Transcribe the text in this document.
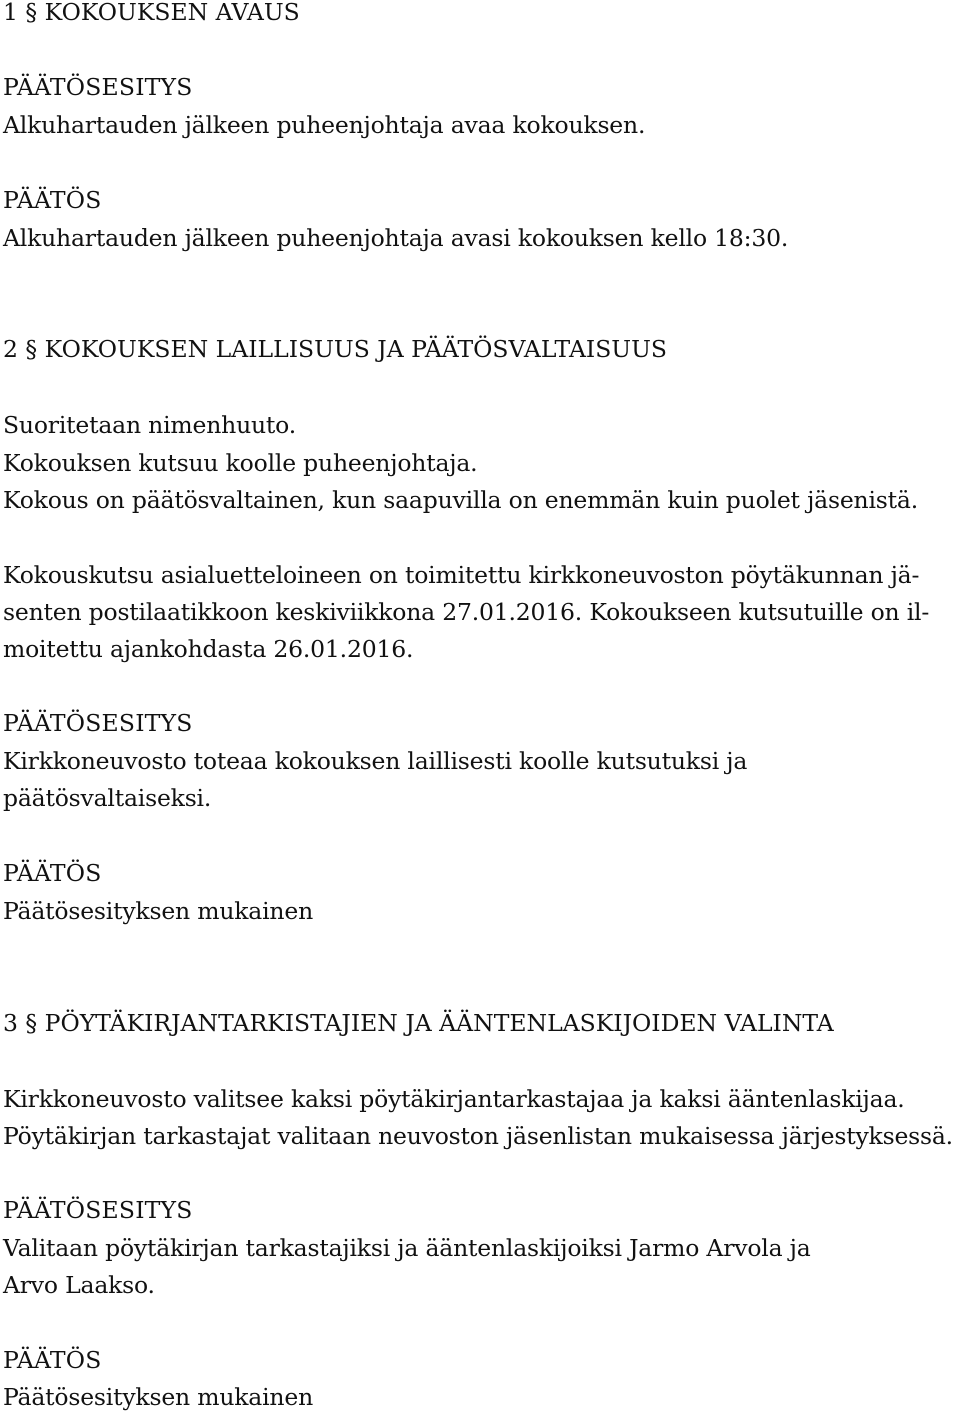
1 § KOKOUKSEN AVAUS
PÄÄTÖSESITYS
Alkuhartauden jälkeen puheenjohtaja avaa kokouksen.
PÄÄTÖS
Alkuhartauden jälkeen puheenjohtaja avasi kokouksen kello 18:30.
2 § KOKOUKSEN LAILLISUUS JA PÄÄTÖSVALTAISUUS
Suoritetaan nimenhuuto.
Kokouksen kutsuu koolle puheenjohtaja.
Kokous on päätösvaltainen, kun saapuvilla on enemmän kuin puolet jäsenistä.
Kokouskutsu asialuetteloineen on toimitettu kirkkoneuvoston pöytäkunnan jä-
senten postilaatikkoon keskiviikkona 27.01.2016. Kokoukseen kutsutuille on il-
moitettu ajankohdasta 26.01.2016.
PÄÄTÖSESITYS
Kirkkoneuvosto toteaa kokouksen laillisesti koolle kutsutuksi ja
päätösvaltaiseksi.
PÄÄTÖS
Päätösesityksen mukainen
3 § PÖYTÄKIRJANTARKISTAJIEN JA ÄÄNTENLASKIJOIDEN VALINTA
Kirkkoneuvosto valitsee kaksi pöytäkirjantarkastajaa ja kaksi ääntenlaskijaa.
Pöytäkirjan tarkastajat valitaan neuvoston jäsenlistan mukaisessa järjestyksessä.
PÄÄTÖSESITYS
Valitaan pöytäkirjan tarkastajiksi ja ääntenlaskijoiksi Jarmo Arvola ja
Arvo Laakso.
PÄÄTÖS
Päätösesityksen mukainen
